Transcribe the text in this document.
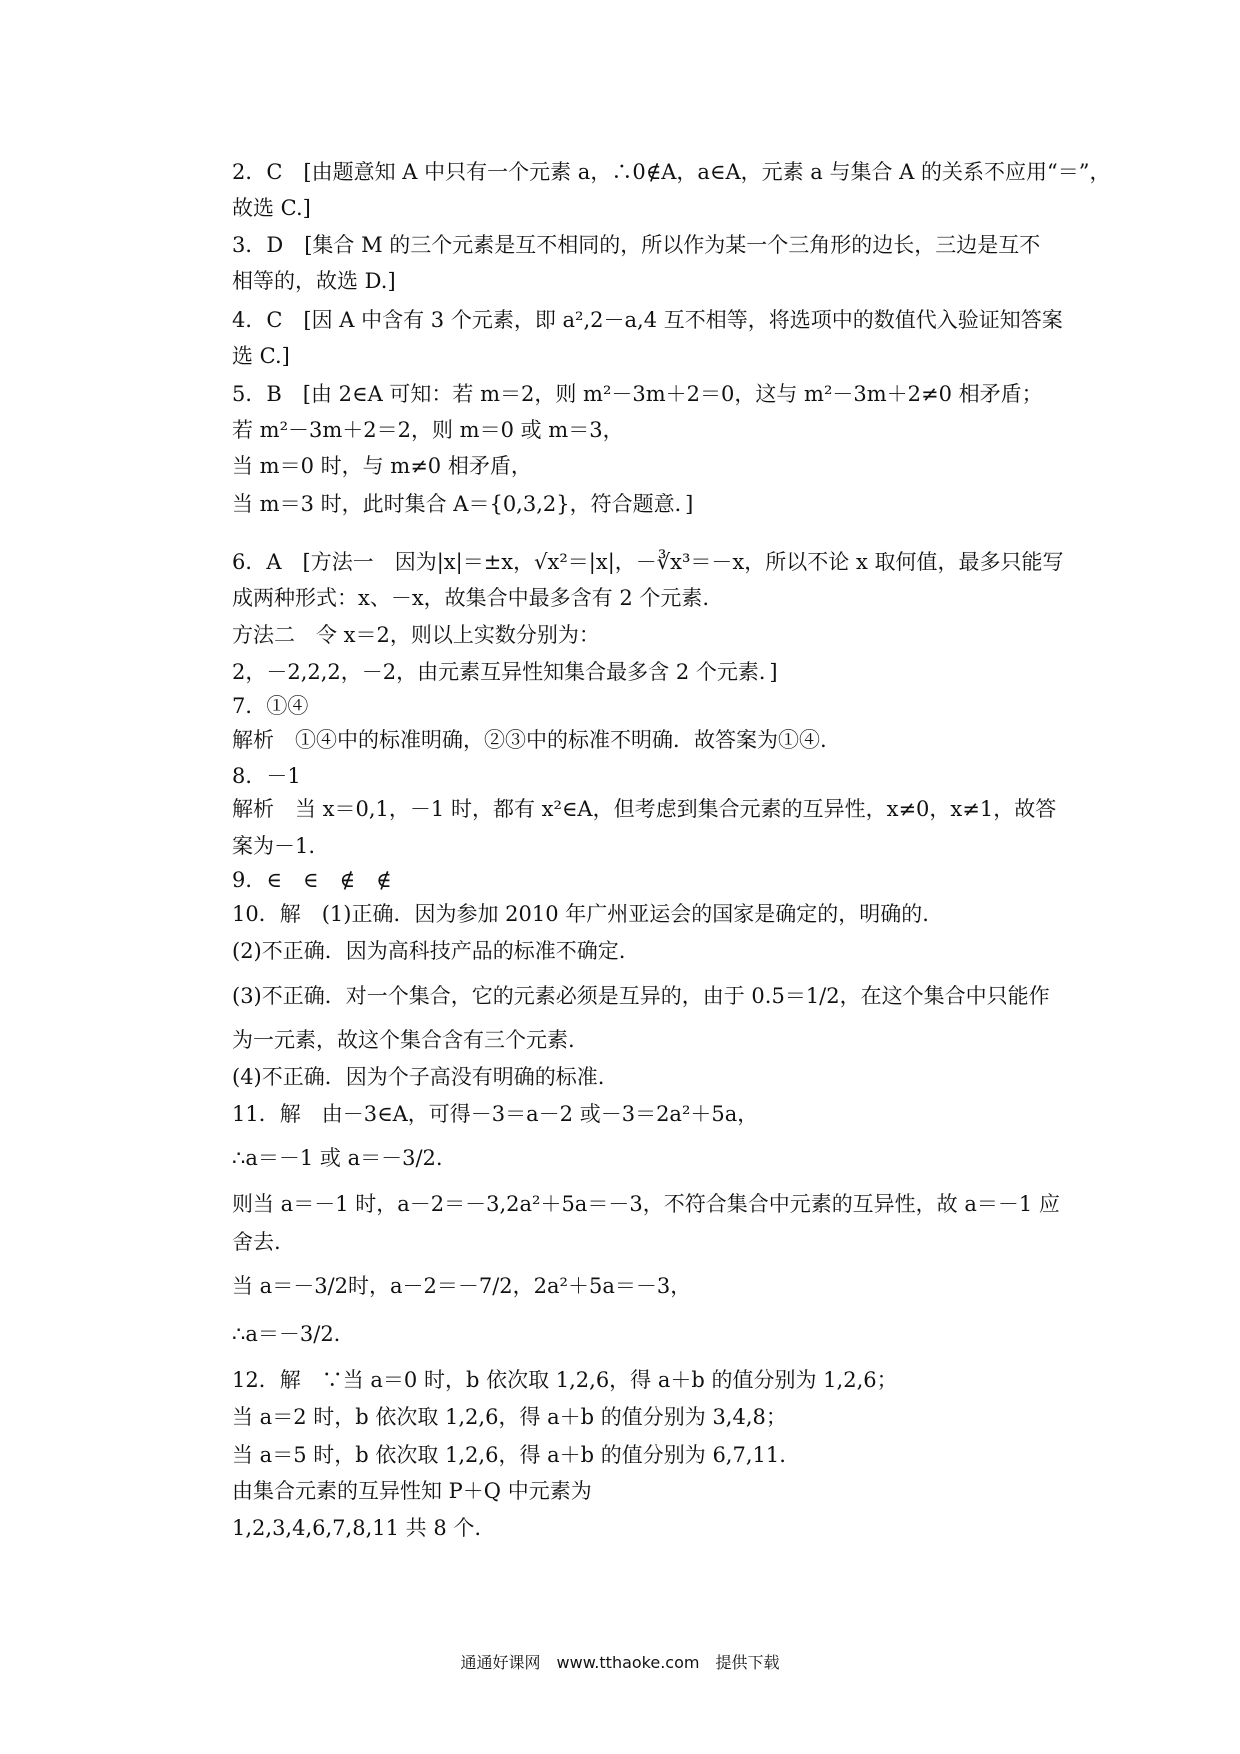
2．C　[由题意知 A 中只有一个元素 a，∴0∉A，a∈A，元素 a 与集合 A 的关系不应用“＝”，
故选 C.]
3．D　[集合 M 的三个元素是互不相同的，所以作为某一个三角形的边长，三边是互不
相等的，故选 D.]
4．C　[因 A 中含有 3 个元素，即 a²,2－a,4 互不相等，将选项中的数值代入验证知答案
选 C.]
5．B　[由 2∈A 可知：若 m＝2，则 m²－3m＋2＝0，这与 m²－3m＋2≠0 相矛盾；
若 m²－3m＋2＝2，则 m＝0 或 m＝3，
当 m＝0 时，与 m≠0 相矛盾，
当 m＝3 时，此时集合 A＝{0,3,2}，符合题意．]
6．A　[方法一　因为|x|＝±x，√x²＝|x|，－∛x³＝－x，所以不论 x 取何值，最多只能写
成两种形式：x、－x，故集合中最多含有 2 个元素.
方法二　令 x＝2，则以上实数分别为：
2，－2,2,2，－2，由元素互异性知集合最多含 2 个元素．]
7．①④
解析　①④中的标准明确，②③中的标准不明确．故答案为①④.
8．－1
解析　当 x＝0,1，－1 时，都有 x²∈A，但考虑到集合元素的互异性，x≠0，x≠1，故答
案为－1.
9．∈　∈　∉　∉
10．解　(1)正确．因为参加 2010 年广州亚运会的国家是确定的，明确的.
(2)不正确．因为高科技产品的标准不确定.
(3)不正确．对一个集合，它的元素必须是互异的，由于 0.5＝1/2，在这个集合中只能作
为一元素，故这个集合含有三个元素.
(4)不正确．因为个子高没有明确的标准.
11．解　由－3∈A，可得－3＝a－2 或－3＝2a²＋5a，
∴a＝－1 或 a＝－3/2.
则当 a＝－1 时，a－2＝－3,2a²＋5a＝－3，不符合集合中元素的互异性，故 a＝－1 应
舍去.
当 a＝－3/2时，a－2＝－7/2，2a²＋5a＝－3，
∴a＝－3/2.
12．解　∵当 a＝0 时，b 依次取 1,2,6，得 a＋b 的值分别为 1,2,6；
当 a＝2 时，b 依次取 1,2,6，得 a＋b 的值分别为 3,4,8；
当 a＝5 时，b 依次取 1,2,6，得 a＋b 的值分别为 6,7,11.
由集合元素的互异性知 P＋Q 中元素为
1,2,3,4,6,7,8,11 共 8 个.
通通好课网　www.tthaoke.com　提供下载
